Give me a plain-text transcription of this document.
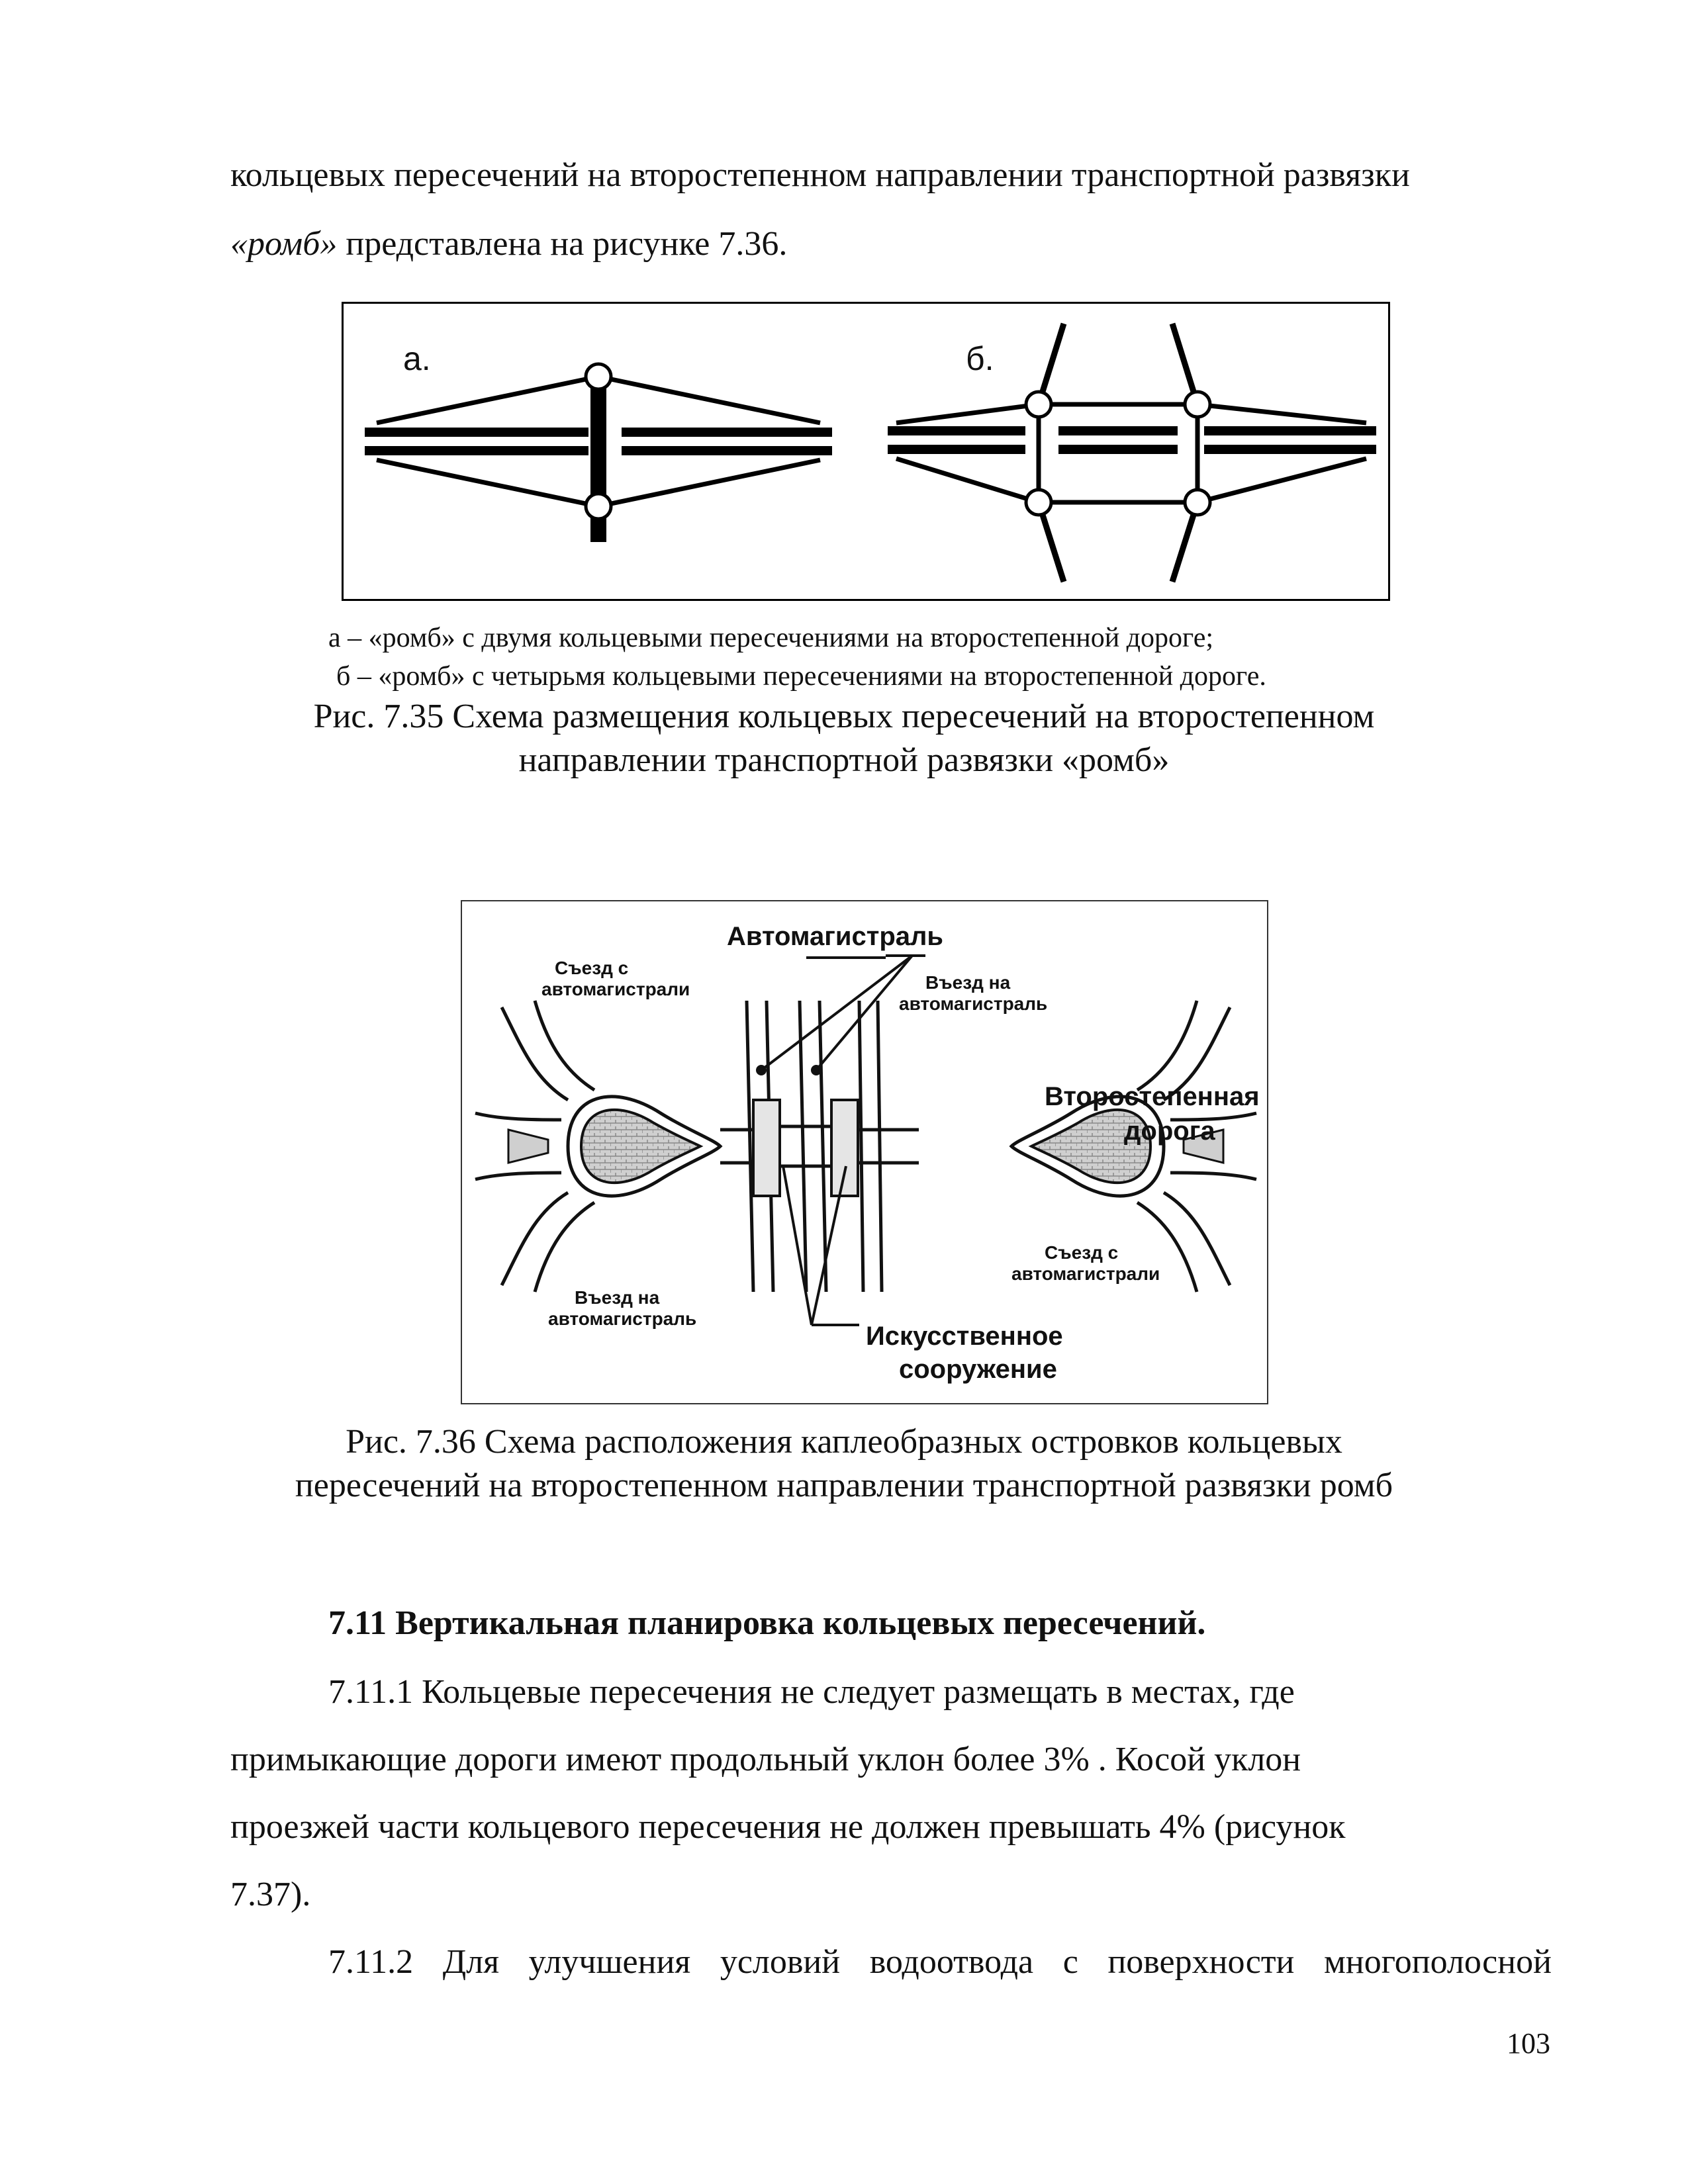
кольцевых пересечений на второстепенном направлении транспортной развязки
«ромб» представлена на рисунке 7.36.
а.	б.
а – «ромб» с двумя кольцевыми пересечениями на второстепенной дороге;
б – «ромб» с четырьмя кольцевыми пересечениями на второстепенной дороге.
Рис. 7.35 Схема размещения кольцевых пересечений на второстепенном
направлении транспортной развязки «ромб»
Автомагистраль
Съезд с
автомагистрали	Въезд на
автомагистраль
Второстепенная
дорога
Съезд с
автомагистрали
Въезд на
автомагистраль
Искусственное
сооружение
Рис. 7.36 Схема расположения каплеобразных островков кольцевых
пересечений на второстепенном направлении транспортной развязки ромб
7.11 Вертикальная планировка кольцевых пересечений.
7.11.1 Кольцевые пересечения не следует размещать в местах, где
примыкающие дороги имеют продольный уклон более 3% . Косой уклон
проезжей части кольцевого пересечения не должен превышать 4% (рисунок
7.37).
7.11.2 Для улучшения условий водоотвода с поверхности многополосной
103
